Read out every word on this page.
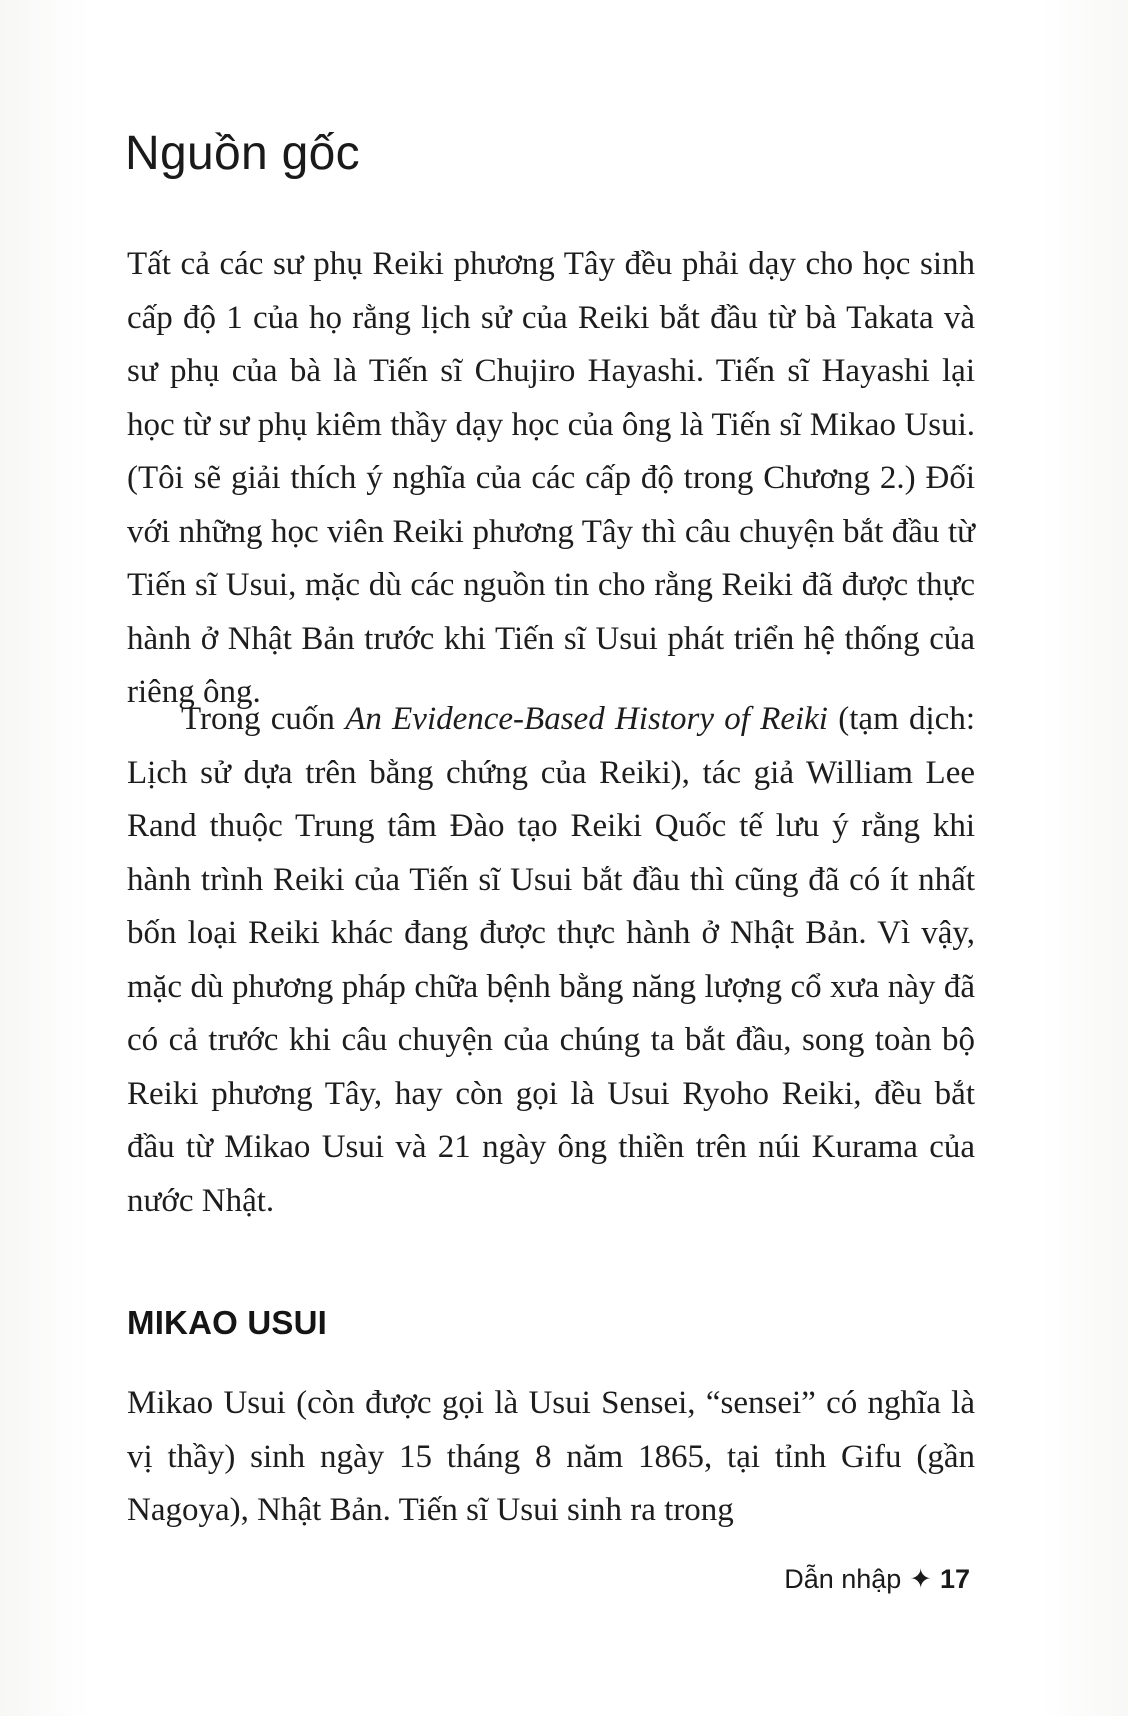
Nguồn gốc

Tất cả các sư phụ Reiki phương Tây đều phải dạy cho học sinh cấp độ 1 của họ rằng lịch sử của Reiki bắt đầu từ bà Takata và sư phụ của bà là Tiến sĩ Chujiro Hayashi. Tiến sĩ Hayashi lại học từ sư phụ kiêm thầy dạy học của ông là Tiến sĩ Mikao Usui. (Tôi sẽ giải thích ý nghĩa của các cấp độ trong Chương 2.) Đối với những học viên Reiki phương Tây thì câu chuyện bắt đầu từ Tiến sĩ Usui, mặc dù các nguồn tin cho rằng Reiki đã được thực hành ở Nhật Bản trước khi Tiến sĩ Usui phát triển hệ thống của riêng ông.

Trong cuốn An Evidence-Based History of Reiki (tạm dịch: Lịch sử dựa trên bằng chứng của Reiki), tác giả William Lee Rand thuộc Trung tâm Đào tạo Reiki Quốc tế lưu ý rằng khi hành trình Reiki của Tiến sĩ Usui bắt đầu thì cũng đã có ít nhất bốn loại Reiki khác đang được thực hành ở Nhật Bản. Vì vậy, mặc dù phương pháp chữa bệnh bằng năng lượng cổ xưa này đã có cả trước khi câu chuyện của chúng ta bắt đầu, song toàn bộ Reiki phương Tây, hay còn gọi là Usui Ryoho Reiki, đều bắt đầu từ Mikao Usui và 21 ngày ông thiền trên núi Kurama của nước Nhật.

MIKAO USUI

Mikao Usui (còn được gọi là Usui Sensei, “sensei” có nghĩa là vị thầy) sinh ngày 15 tháng 8 năm 1865, tại tỉnh Gifu (gần Nagoya), Nhật Bản. Tiến sĩ Usui sinh ra trong

Dẫn nhập ✦ 17
